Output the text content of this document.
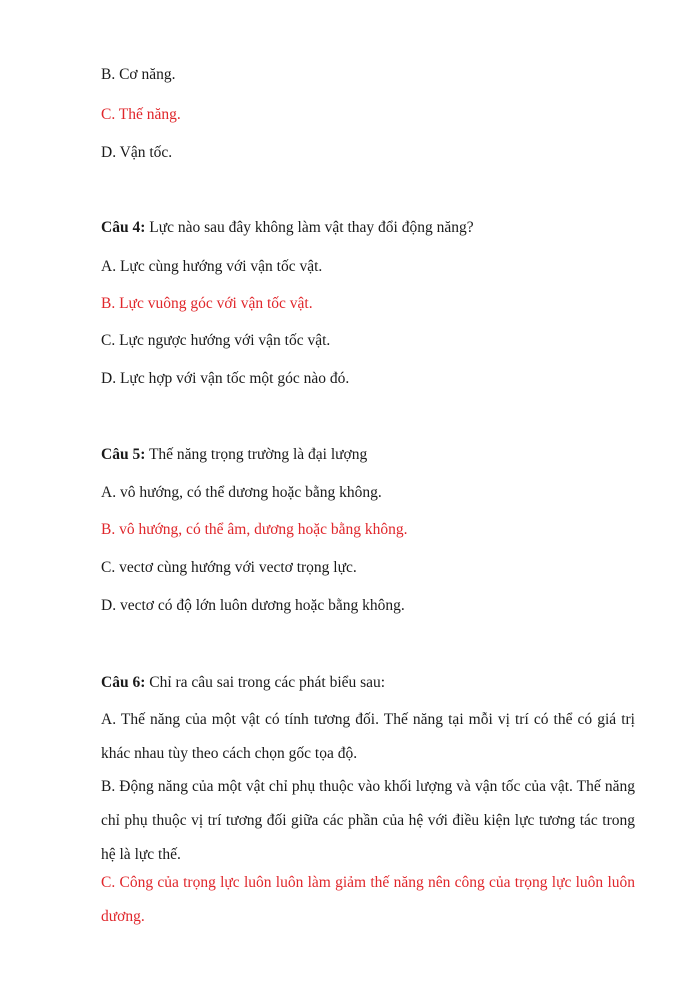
B. Cơ năng.
C. Thế năng.
D. Vận tốc.
Câu 4: Lực nào sau đây không làm vật thay đổi động năng?
A. Lực cùng hướng với vận tốc vật.
B. Lực vuông góc với vận tốc vật.
C. Lực ngược hướng với vận tốc vật.
D. Lực hợp với vận tốc một góc nào đó.
Câu 5: Thế năng trọng trường là đại lượng
A. vô hướng, có thể dương hoặc bằng không.
B. vô hướng, có thể âm, dương hoặc bằng không.
C. vectơ cùng hướng với vectơ trọng lực.
D. vectơ có độ lớn luôn dương hoặc bằng không.
Câu 6: Chỉ ra câu sai trong các phát biểu sau:
A. Thế năng của một vật có tính tương đối. Thế năng tại mỗi vị trí có thể có giá trị khác nhau tùy theo cách chọn gốc tọa độ.
B. Động năng của một vật chỉ phụ thuộc vào khối lượng và vận tốc của vật. Thế năng chỉ phụ thuộc vị trí tương đối giữa các phần của hệ với điều kiện lực tương tác trong hệ là lực thế.
C. Công của trọng lực luôn luôn làm giảm thế năng nên công của trọng lực luôn luôn dương.
